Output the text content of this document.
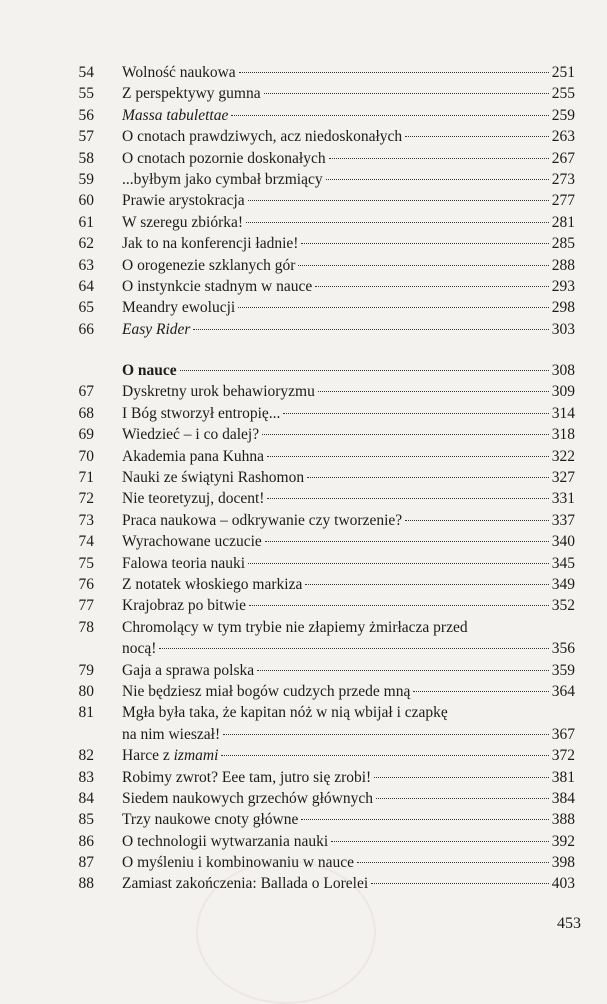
54 Wolność naukowa	251
55 Z perspektywy gumna	255
56 Massa tabulettae	259
57 O cnotach prawdziwych, acz niedoskonałych	263
58 O cnotach pozornie doskonałych	267
59 ...byłbym jako cymbał brzmiący	273
60 Prawie arystokracja	277
61 W szeregu zbiórka!	281
62 Jak to na konferencji ładnie!	285
63 O orogenezie szklanych gór	288
64 O instynkcie stadnym w nauce	293
65 Meandry ewolucji	298
66 Easy Rider	303
O nauce	308
67 Dyskretny urok behawioryzmu	309
68 I Bóg stworzył entropię...	314
69 Wiedzieć – i co dalej?	318
70 Akademia pana Kuhna	322
71 Nauki ze świątyni Rashomon	327
72 Nie teoretyzuj, docent!	331
73 Praca naukowa – odkrywanie czy tworzenie?	337
74 Wyrachowane uczucie	340
75 Falowa teoria nauki	345
76 Z notatek włoskiego markiza	349
77 Krajobraz po bitwie	352
78 Chromolący w tym trybie nie złapiemy żmirłacza przed
nocą!	356
79 Gaja a sprawa polska	359
80 Nie będziesz miał bogów cudzych przede mną	364
81 Mgła była taka, że kapitan nóż w nią wbijał i czapkę
na nim wieszał!	367
82 Harce z izmami	372
83 Robimy zwrot? Eee tam, jutro się zrobi!	381
84 Siedem naukowych grzechów głównych	384
85 Trzy naukowe cnoty główne	388
86 O technologii wytwarzania nauki	392
87 O myśleniu i kombinowaniu w nauce	398
88 Zamiast zakończenia: Ballada o Lorelei	403
453
